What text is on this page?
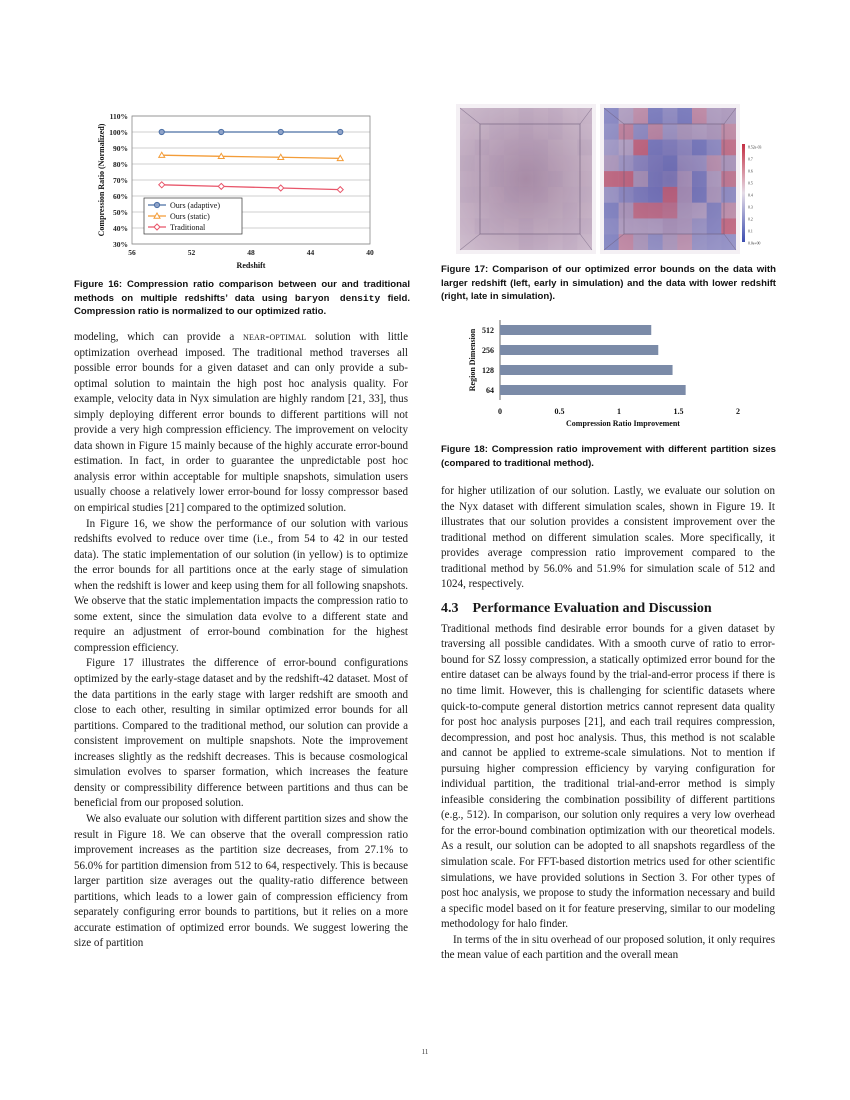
30%
40%
50%
60%
70%
80%
90%
100%
110%
56	52	48	44	40
Redshift
Compression Ratio (Normalized)	Ours (adaptive)
Ours (static)
Traditional
Figure 16: Compression ratio comparison between our and traditional methods on multiple redshifts’ data using baryon density field. Compression ratio is normalized to our optimized ratio.
8.52e-03
0.7
0.6
0.5
0.4
0.3
0.2
0.1
0.0e+00
Figure 17: Comparison of our optimized error bounds on the data with larger redshift (left, early in simulation) and the data with lower redshift (right, late in simulation).
512
256
128
64
0	0.5	1	1.5	2
Compression Ratio Improvement
Region Dimension
Figure 18: Compression ratio improvement with different partition sizes (compared to traditional method).

modeling, which can provide a near-optimal solution with little optimization overhead imposed. The traditional method traverses all possible error bounds for a given dataset and can only provide a sub-optimal solution to maintain the high post hoc analysis quality. For example, velocity data in Nyx simulation are highly random [21, 33], thus simply deploying different error bounds to different partitions will not provide a very high compression efficiency. The improvement on velocity data shown in Figure 15 mainly because of the highly accurate error-bound estimation. In fact, in order to guarantee the unpredictable post hoc analysis error within acceptable for multiple snapshots, simulation users usually choose a relatively lower error-bound for lossy compressor based on empirical studies [21] compared to the optimized solution.

In Figure 16, we show the performance of our solution with various redshifts evolved to reduce over time (i.e., from 54 to 42 in our tested data). The static implementation of our solution (in yellow) is to optimize the error bounds for all partitions once at the early stage of simulation when the redshift is lower and keep using them for all following snapshots. We observe that the static implementation impacts the compression ratio to some extent, since the simulation data evolve to a different state and require an adjustment of error-bound combination for the highest compression efficiency.

Figure 17 illustrates the difference of error-bound configurations optimized by the early-stage dataset and by the redshift-42 dataset. Most of the data partitions in the early stage with larger redshift are smooth and close to each other, resulting in similar optimized error bounds for all partitions. Compared to the traditional method, our solution can provide a consistent improvement on multiple snapshots. Note the improvement increases slightly as the redshift decreases. This is because cosmological simulation evolves to sparser formation, which increases the feature density or compressibility difference between partitions and thus can be beneficial from our proposed solution.

We also evaluate our solution with different partition sizes and show the result in Figure 18. We can observe that the overall compression ratio improvement increases as the partition size decreases, from 27.1% to 56.0% for partition dimension from 512 to 64, respectively. This is because larger partition size averages out the quality-ratio difference between partitions, which leads to a lower gain of compression efficiency from separately configuring error bounds to partitions, but it relies on a more accurate estimation of optimized error bounds. We suggest lowering the size of partition

for higher utilization of our solution. Lastly, we evaluate our solution on the Nyx dataset with different simulation scales, shown in Figure 19. It illustrates that our solution provides a consistent improvement over the traditional method on different simulation scales. More specifically, it provides average compression ratio improvement compared to the traditional method by 56.0% and 51.9% for simulation scale of 512 and 1024, respectively.

4.3 Performance Evaluation and Discussion

Traditional methods find desirable error bounds for a given dataset by traversing all possible candidates. With a smooth curve of ratio to error-bound for SZ lossy compression, a statically optimized error bound for the entire dataset can be always found by the trial-and-error process if there is no time limit. However, this is challenging for scientific datasets where quick-to-compute general distortion metrics cannot represent data quality for post hoc analysis purposes [21], and each trail requires compression, decompression, and post hoc analysis. Thus, this method is not scalable and cannot be applied to extreme-scale simulations. Not to mention if pursuing higher compression efficiency by varying configuration for individual partition, the traditional trial-and-error method is simply infeasible considering the combination possibility of different partitions (e.g., 512). In comparison, our solution only requires a very low overhead for the error-bound combination optimization with our theoretical models. As a result, our solution can be adopted to all snapshots regardless of the simulation scale. For FFT-based distortion metrics used for other scientific simulations, we have provided solutions in Section 3. For other types of post hoc analysis, we propose to study the information necessary and build a specific model based on it for feature preserving, similar to our modeling methodology for halo finder.

In terms of the in situ overhead of our proposed solution, it only requires the mean value of each partition and the overall mean

11
